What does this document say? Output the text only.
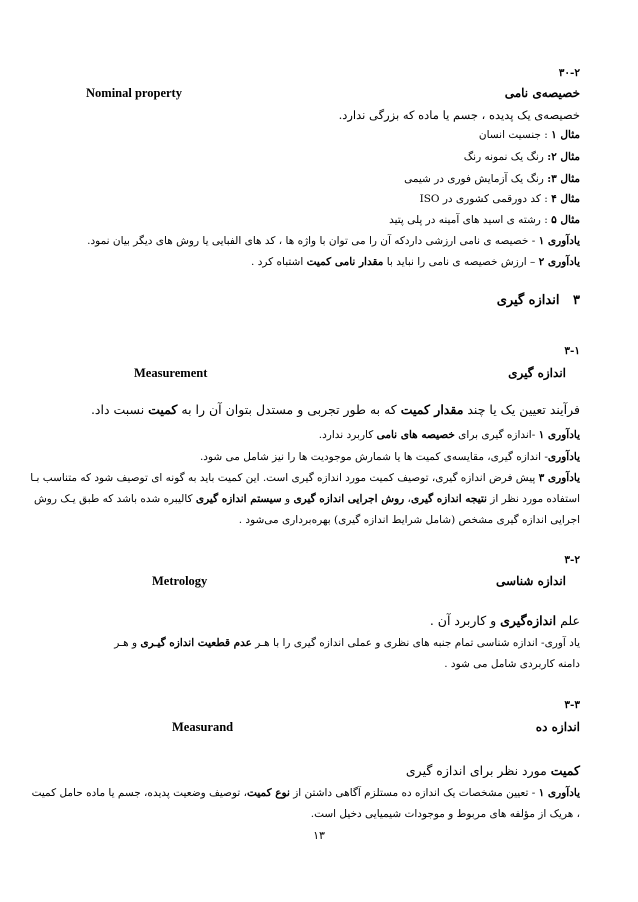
۳۰-۲
خصیصه‌ی نامی
Nominal property
خصیصه‌ی یک پدیده ، جسم یا ماده که بزرگی ندارد.
مثال ۱ : جنسیت انسان
مثال ۲: رنگ یک نمونه رنگ
مثال ۳: رنگ یک آزمایش فوری در شیمی
مثال ۴ : کد دورقمی کشوری در ISO
مثال ۵ : رشته ی اسید های آمینه در پلی پتید
یادآوری ۱ - خصیصه ی نامی ارزشی داردکه آن را می توان با واژه ها ، کد های الفبایی یا روش های دیگر بیان نمود.
یادآوری ۲ – ارزش خصیصه ی نامی را نباید با مقدار نامی کمیت اشتباه کرد .
۳   اندازه گیری
۳-۱
اندازه گیری
Measurement
فرآیند تعیین یک یا چند مقدار کمیت که به طور تجربی و مستدل بتوان آن را به کمیت نسبت داد.
یادآوری ۱ -اندازه گیری برای خصیصه های نامی کاربرد ندارد.
یادآوری- اندازه گیری، مقایسه‌ی کمیت ها یا شمارش موجودیت ها را نیز شامل می شود.
یادآوری ۳ پیش فرض اندازه گیری، توصیف کمیت مورد اندازه گیری است. این کمیت باید به گونه ای توصیف شود که متناسب بـا
استفاده مورد نظر از نتیجه اندازه گیری، روش اجرایی اندازه گیری و سیستم اندازه گیری کالیبره شده باشد که طبق یـک روش
اجرایی اندازه گیری مشخص (شامل شرایط اندازه گیری) بهره‌برداری می‌شود .
۳-۲
اندازه شناسی
Metrology
علم اندازه‌گیری و کاربرد آن .
یاد آوری- اندازه شناسی تمام جنبه های نظری و عملی اندازه گیری را با هـر عدم قطعیت اندازه گیـری و هـر
دامنه کاربردی شامل می شود .
۳-۳
اندازه ده
Measurand
کمیت مورد نظر برای اندازه گیری
یادآوری ۱ - تعیین مشخصات یک اندازه ده مستلزم آگاهی داشتن از نوع کمیت، توصیف وضعیت پدیده، جسم یا ماده حامل کمیت
، هریک از مؤلفه های مربوط و موجودات شیمیایی دخیل است.
۱۳
